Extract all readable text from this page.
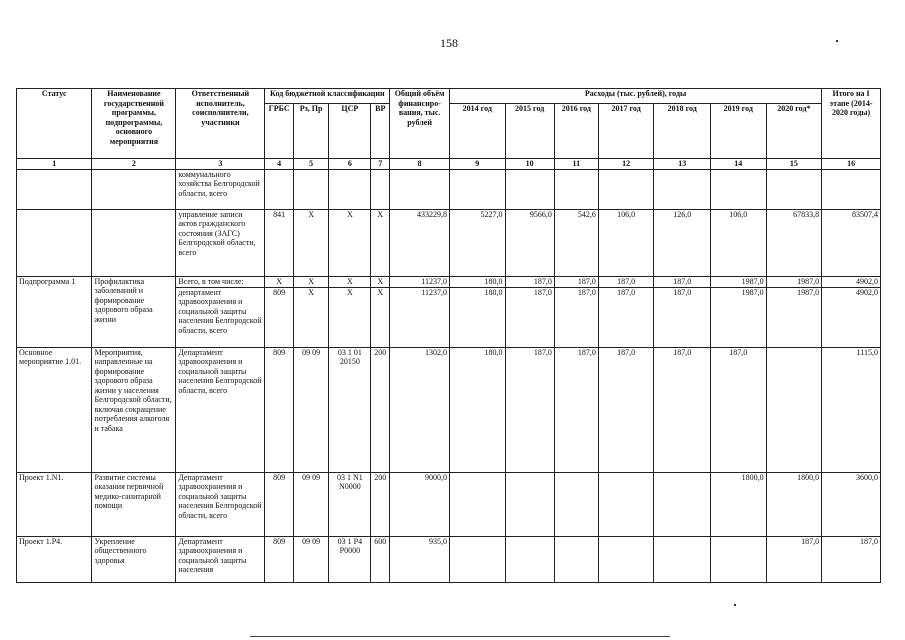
158
Статус	Наименование государственной программы, подпрограммы, основного мероприятия	Ответственный исполнитель, соисполнители, участники	Код бюджетной классификации				Общий объём финансиро-вания, тыс. рублей	Расходы (тыс. рублей), годы							Итого на I этапе (2014-2020 годы)
			ГРБС	Рз, Пр	ЦСР	ВР		2014 год	2015 год	2016 год	2017 год	2018 год	2019 год	2020 год*	
1	2	3	4	5	6	7	8	9	10	11	12	13	14	15	16
		коммунального хозяйства Белгородской области, всего													
		управление записи актов гражданского состояния (ЗАГС) Белгородской области, всего	841	X	X	X	433229,8	5227,0	9566,0	542,6	106,0	126,0	106,0	67833,8	83507,4
Подпрограмма 1	Профилактика заболеваний и формирование здорового образа жизни	Всего, в том числе:	X	X	X	X	11237,0	180,0	187,0	187,0	187,0	187,0	1987,0	1987,0	4902,0
		департамент здравоохранения и социальной защиты населения Белгородской области, всего	809	X	X	X	11237,0	180,0	187,0	187,0	187,0	187,0	1987,0	1987,0	4902,0
Основное мероприятие 1.01.	Мероприятия, направленные на формирование здорового образа жизни у населения Белгородской области, включая сокращение потребления алкоголя и табака	Департамент здравоохранения и социальной защиты населения Белгородской области, всего	809	09 09	03 1 01 20150	200	1302,0	180,0	187,0	187,0	187,0	187,0	187,0		1115,0
Проект 1.N1.	Развитие системы оказания первичной медико-санитарной помощи	Департамент здравоохранения и социальной защиты населения Белгородской области, всего	809	09 09	03 1 N1 N0000	200	9000,0						1800,0	1800,0	3600,0
Проект 1.P4.	Укрепление общественного здоровья	Департамент здравоохранения и социальной защиты населения	809	09 09	03 1 P4 P0000	600	935,0							187,0	187,0
